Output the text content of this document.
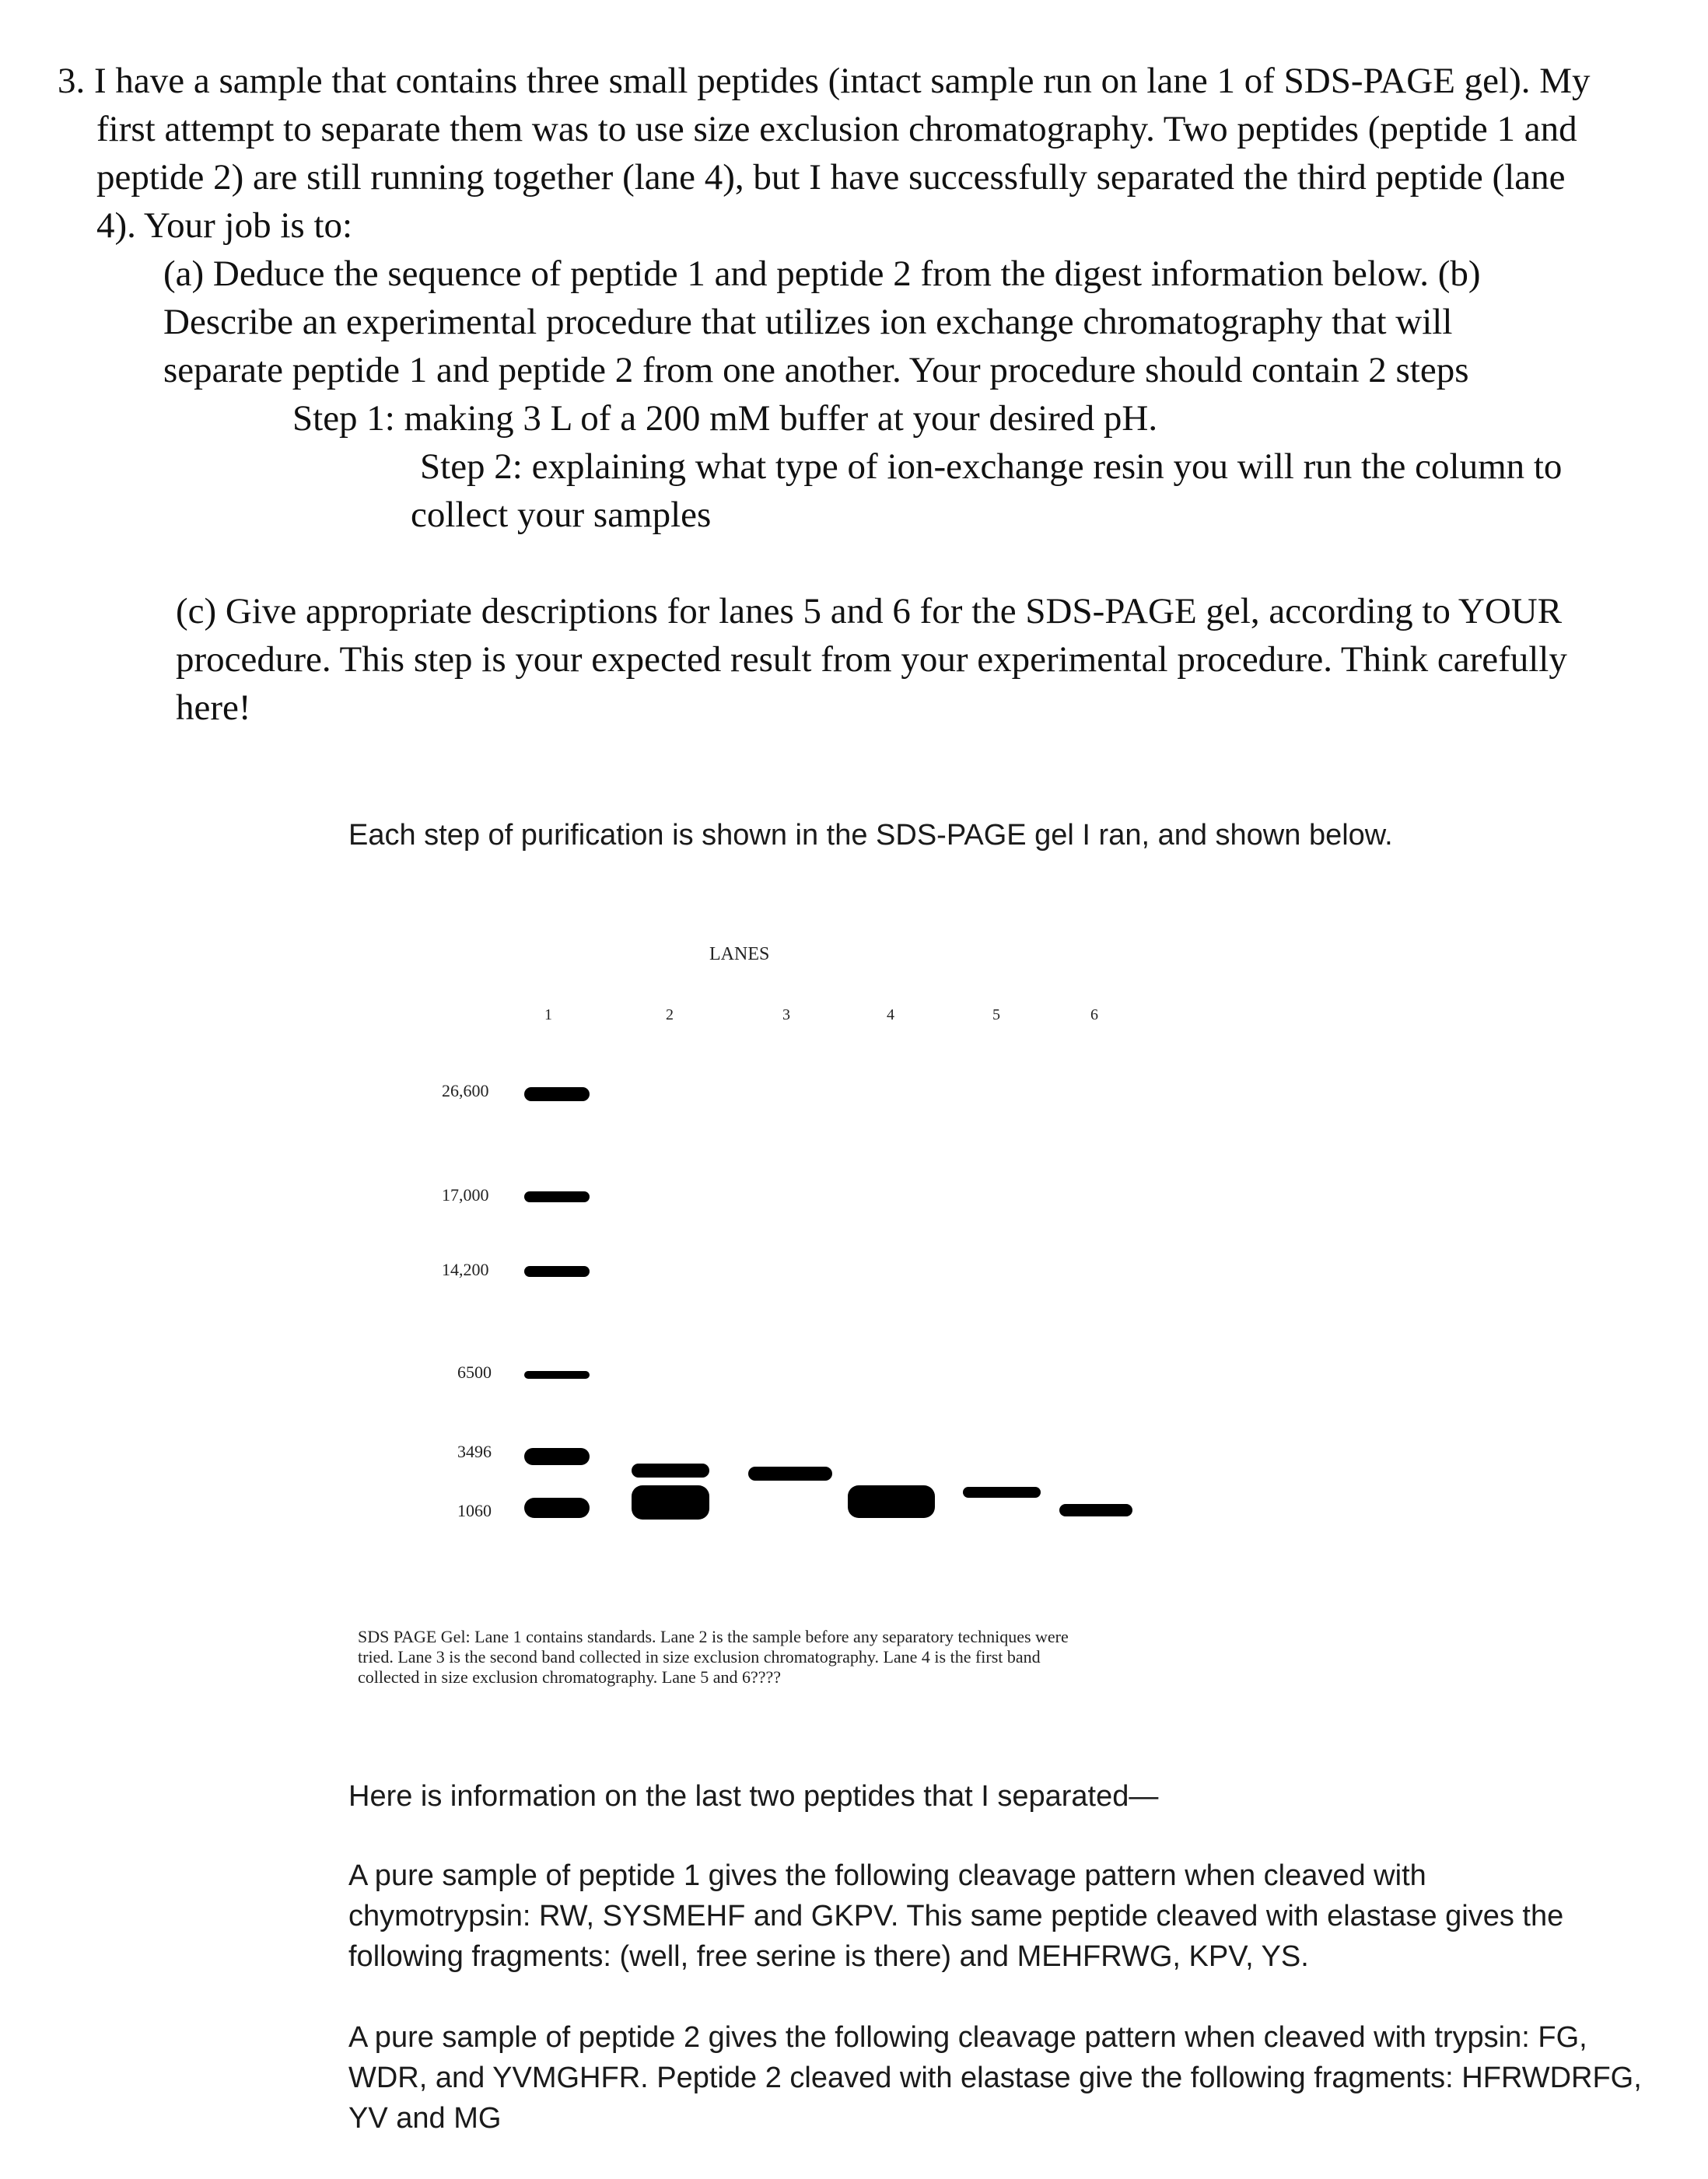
3. I have a sample that contains three small peptides (intact sample run on lane 1 of SDS-PAGE gel). My
first attempt to separate them was to use size exclusion chromatography. Two peptides (peptide 1 and
peptide 2) are still running together (lane 4), but I have successfully separated the third peptide (lane
4). Your job is to:
(a) Deduce the sequence of peptide 1 and peptide 2 from the digest information below. (b)
Describe an experimental procedure that utilizes ion exchange chromatography that will
separate peptide 1 and peptide 2 from one another. Your procedure should contain 2 steps
Step 1: making 3 L of a 200 mM buffer at your desired pH.
Step 2: explaining what type of ion-exchange resin you will run the column to
collect your samples
(c) Give appropriate descriptions for lanes 5 and 6 for the SDS-PAGE gel, according to YOUR
procedure. This step is your expected result from your experimental procedure. Think carefully
here!
Each step of purification is shown in the SDS-PAGE gel I ran, and shown below.
LANES
1	2	3	4	5	6
26,600
17,000
14,200
6500
3496
1060
SDS PAGE Gel: Lane 1 contains standards. Lane 2 is the sample before any separatory techniques were
tried. Lane 3 is the second band collected in size exclusion chromatography. Lane 4 is the first band
collected in size exclusion chromatography. Lane 5 and 6????
Here is information on the last two peptides that I separated—
A pure sample of peptide 1 gives the following cleavage pattern when cleaved with
chymotrypsin: RW, SYSMEHF and GKPV. This same peptide cleaved with elastase gives the
following fragments: (well, free serine is there) and MEHFRWG, KPV, YS.
A pure sample of peptide 2 gives the following cleavage pattern when cleaved with trypsin: FG,
WDR, and YVMGHFR. Peptide 2 cleaved with elastase give the following fragments: HFRWDRFG,
YV and MG
